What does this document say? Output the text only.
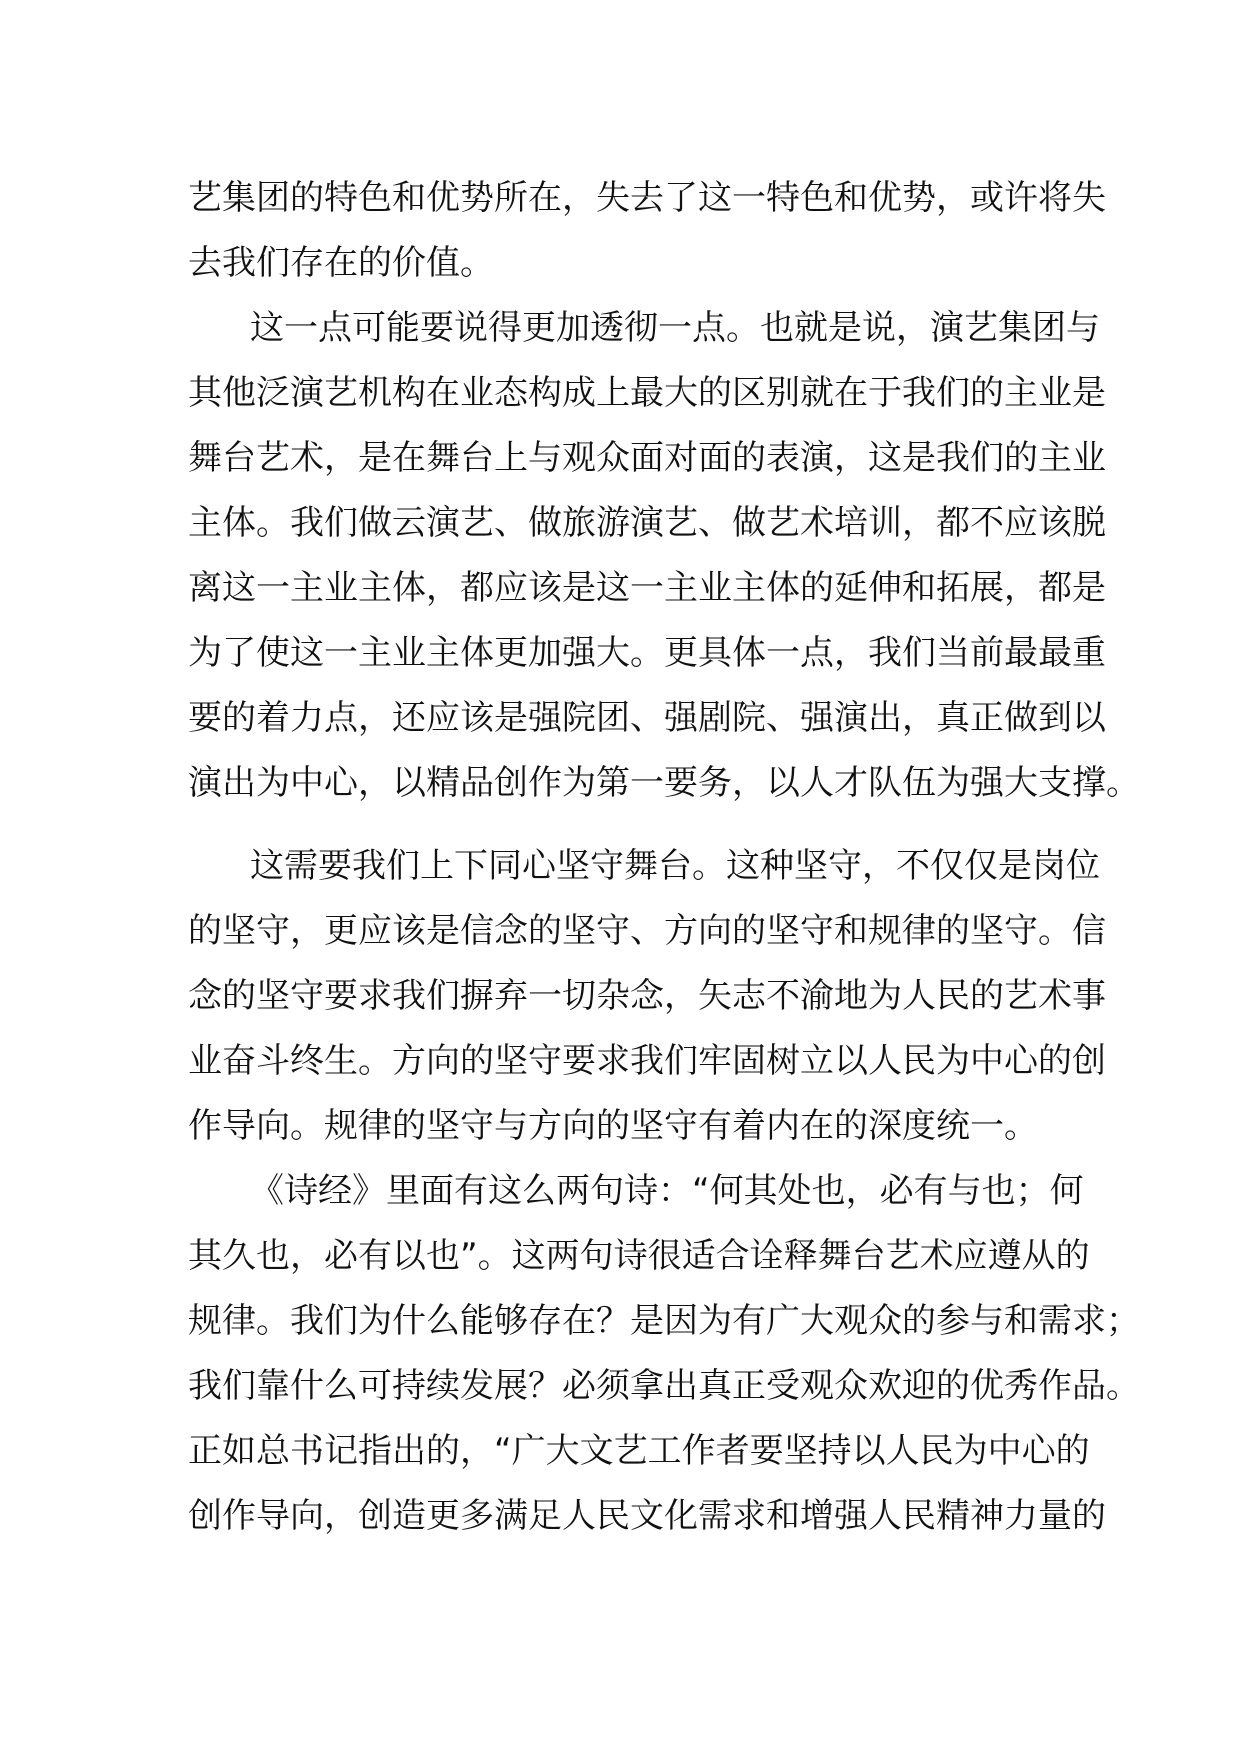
艺集团的特色和优势所在，失去了这一特色和优势，或许将失
去我们存在的价值。
这一点可能要说得更加透彻一点。也就是说，演艺集团与
其他泛演艺机构在业态构成上最大的区别就在于我们的主业是
舞台艺术，是在舞台上与观众面对面的表演，这是我们的主业
主体。我们做云演艺、做旅游演艺、做艺术培训，都不应该脱
离这一主业主体，都应该是这一主业主体的延伸和拓展，都是
为了使这一主业主体更加强大。更具体一点，我们当前最最重
要的着力点，还应该是强院团、强剧院、强演出，真正做到以
演出为中心，以精品创作为第一要务，以人才队伍为强大支撑。
这需要我们上下同心坚守舞台。这种坚守，不仅仅是岗位
的坚守，更应该是信念的坚守、方向的坚守和规律的坚守。信
念的坚守要求我们摒弃一切杂念，矢志不渝地为人民的艺术事
业奋斗终生。方向的坚守要求我们牢固树立以人民为中心的创
作导向。规律的坚守与方向的坚守有着内在的深度统一。
《诗经》里面有这么两句诗：“何其处也，必有与也；何
其久也，必有以也”。这两句诗很适合诠释舞台艺术应遵从的
规律。我们为什么能够存在？是因为有广大观众的参与和需求；
我们靠什么可持续发展？必须拿出真正受观众欢迎的优秀作品。
正如总书记指出的，“广大文艺工作者要坚持以人民为中心的
创作导向，创造更多满足人民文化需求和增强人民精神力量的
